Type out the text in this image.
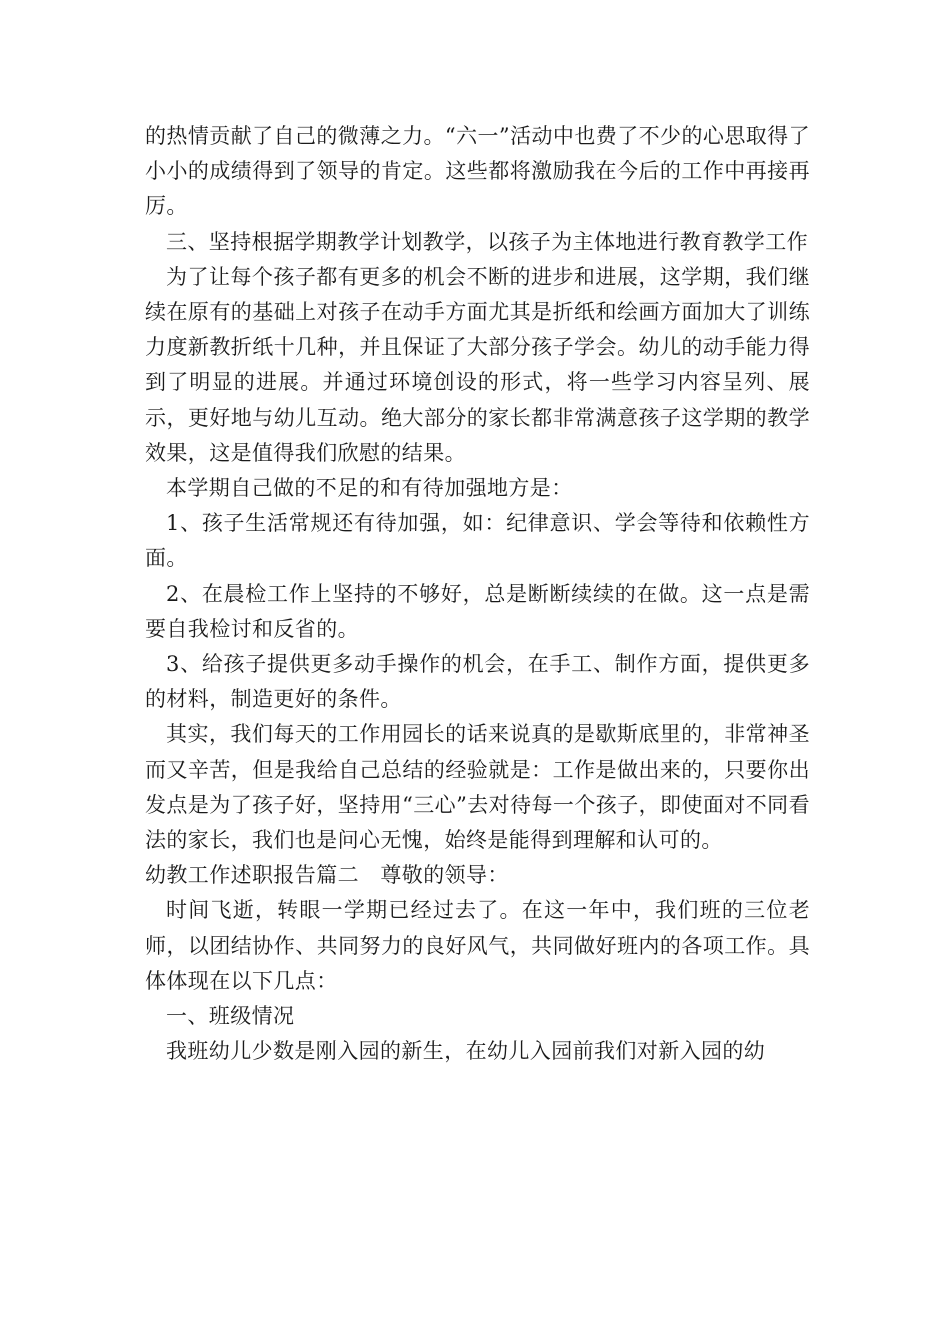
的热情贡献了自己的微薄之力。“六一”活动中也费了不少的心思取得了小小的成绩得到了领导的肯定。这些都将激励我在今后的工作中再接再厉。

三、坚持根据学期教学计划教学，以孩子为主体地进行教育教学工作

为了让每个孩子都有更多的机会不断的进步和进展，这学期，我们继续在原有的基础上对孩子在动手方面尤其是折纸和绘画方面加大了训练力度新教折纸十几种，并且保证了大部分孩子学会。幼儿的动手能力得到了明显的进展。并通过环境创设的形式，将一些学习内容呈列、展示，更好地与幼儿互动。绝大部分的家长都非常满意孩子这学期的教学效果，这是值得我们欣慰的结果。

本学期自己做的不足的和有待加强地方是：

1、孩子生活常规还有待加强，如：纪律意识、学会等待和依赖性方面。

2、在晨检工作上坚持的不够好，总是断断续续的在做。这一点是需要自我检讨和反省的。

3、给孩子提供更多动手操作的机会，在手工、制作方面，提供更多的材料，制造更好的条件。

其实，我们每天的工作用园长的话来说真的是歇斯底里的，非常神圣而又辛苦，但是我给自己总结的经验就是：工作是做出来的，只要你出发点是为了孩子好，坚持用“三心”去对待每一个孩子，即使面对不同看法的家长，我们也是问心无愧，始终是能得到理解和认可的。

幼教工作述职报告篇二　尊敬的领导：

时间飞逝，转眼一学期已经过去了。在这一年中，我们班的三位老师，以团结协作、共同努力的良好风气，共同做好班内的各项工作。具体体现在以下几点：

一、班级情况

我班幼儿少数是刚入园的新生，在幼儿入园前我们对新入园的幼
